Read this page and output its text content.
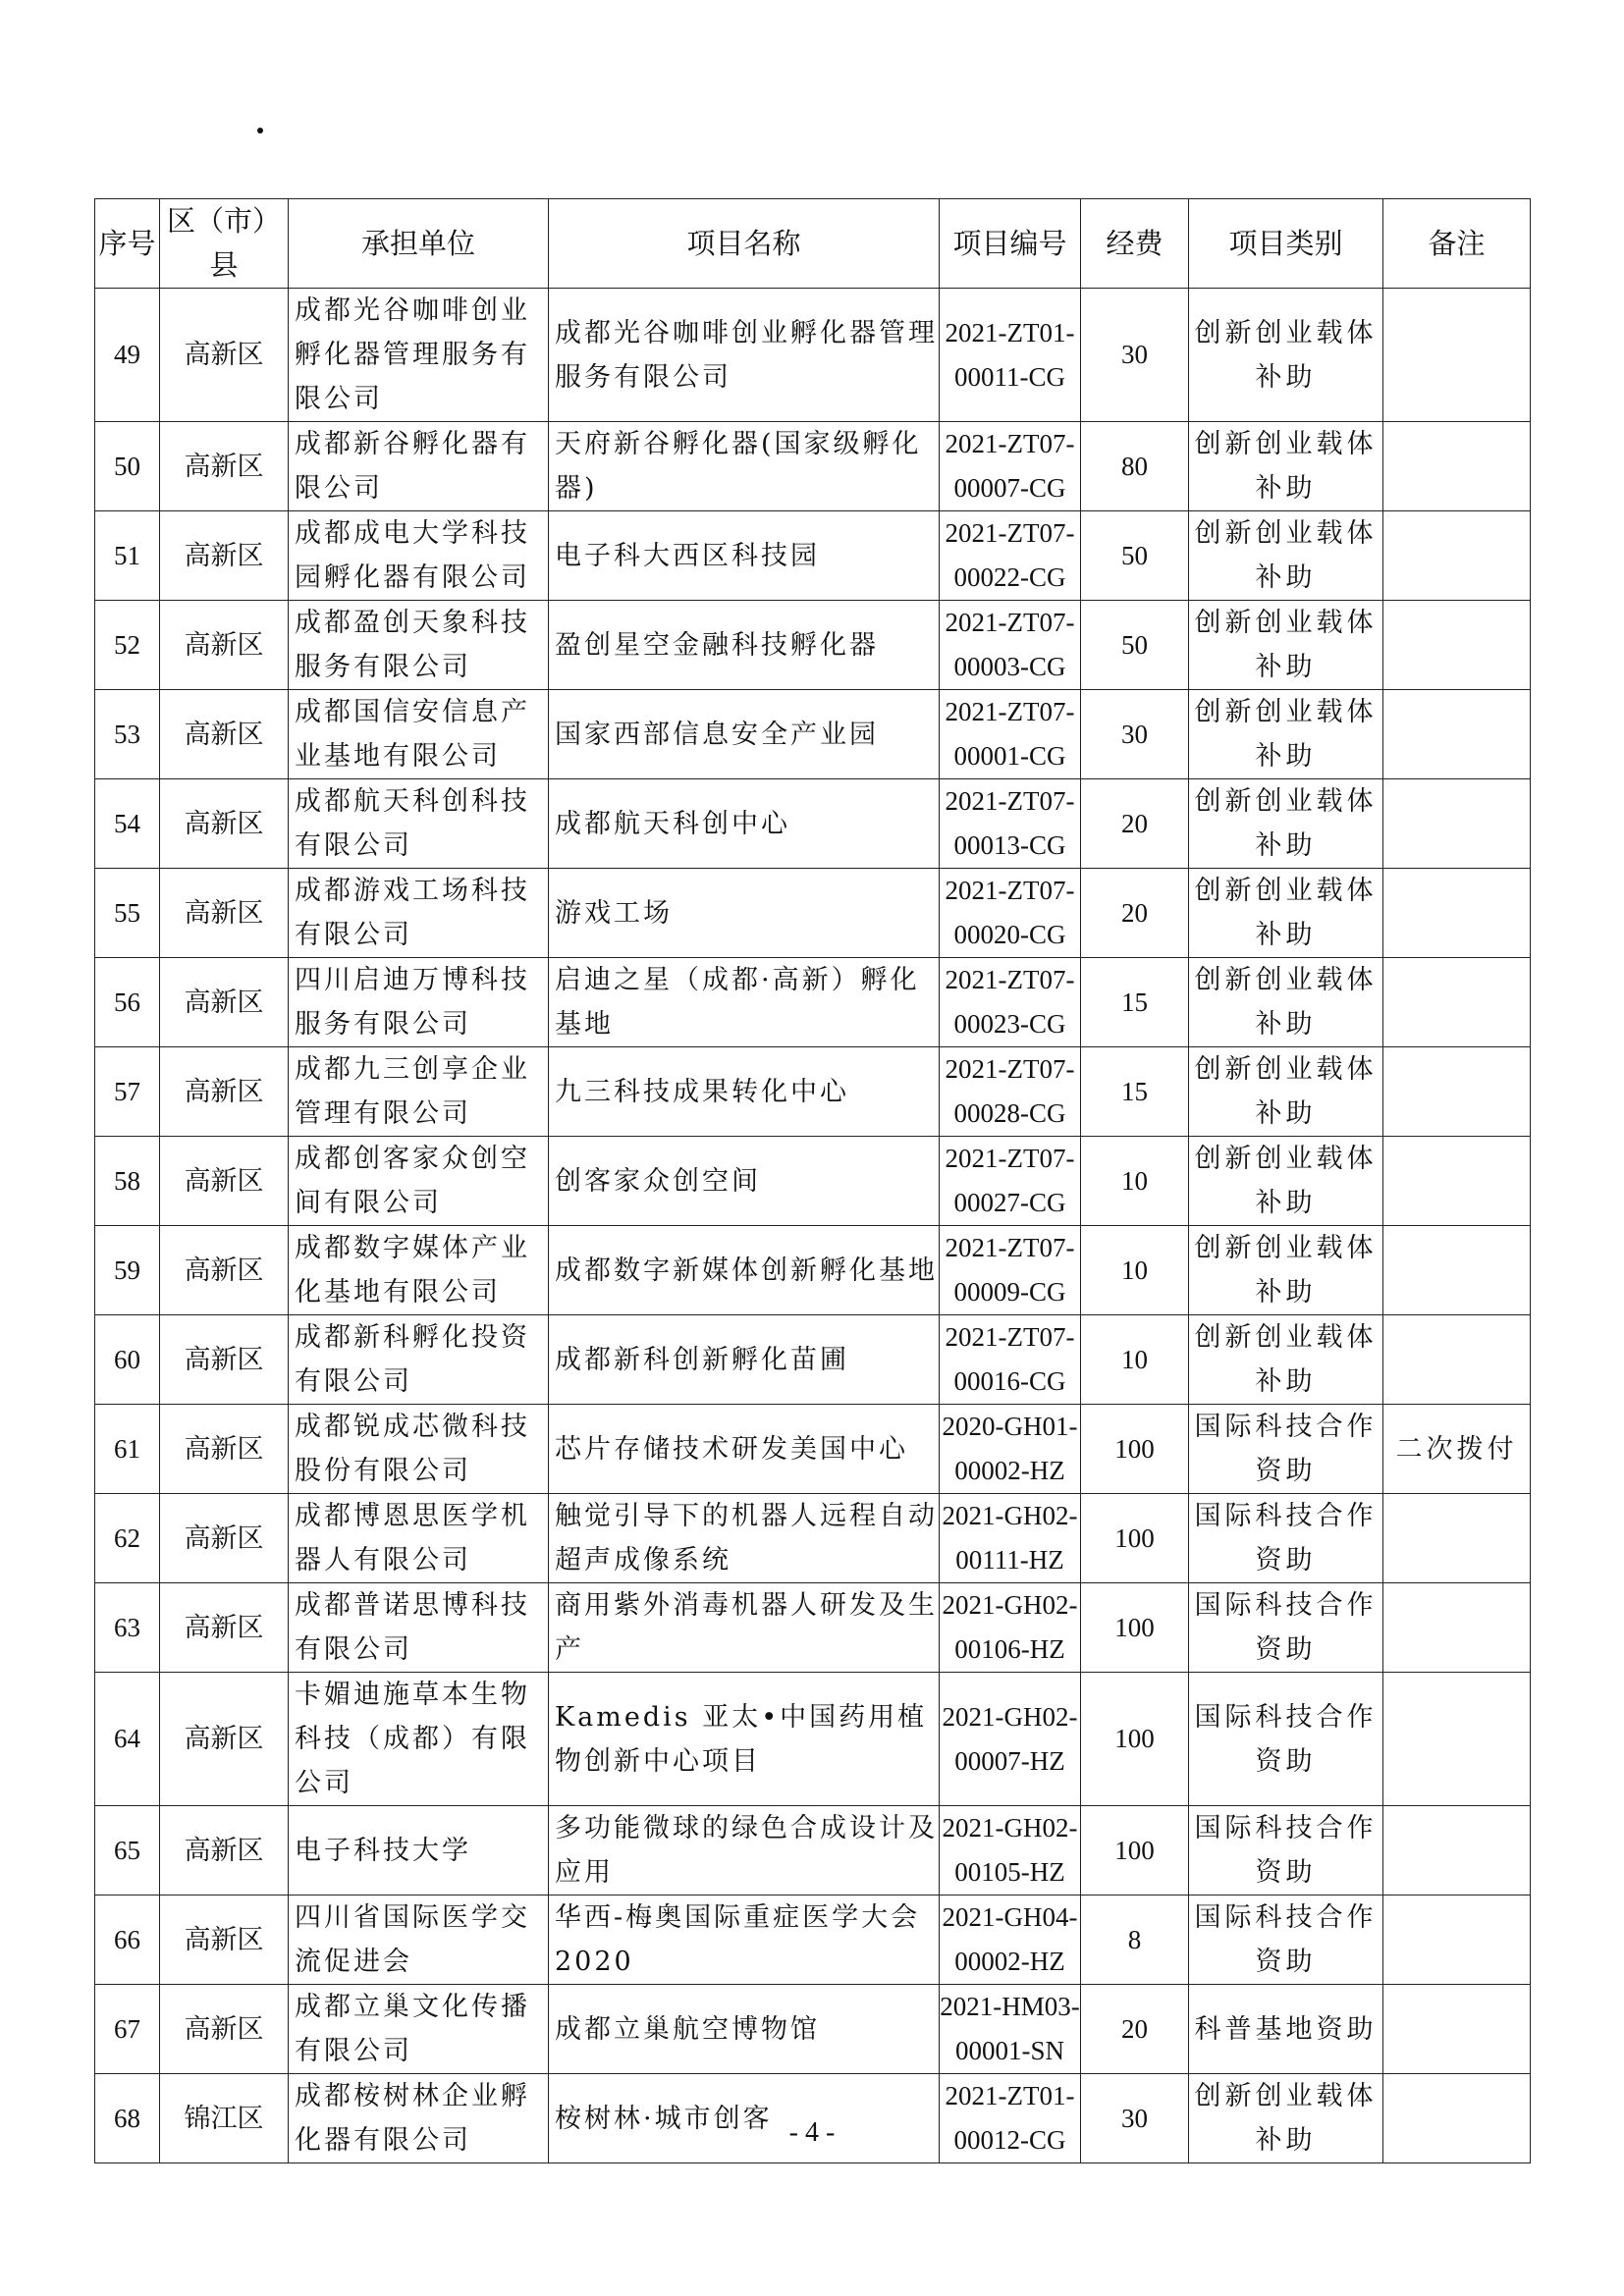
序号	区（市）县	承担单位	项目名称	项目编号	经费	项目类别	备注
49	高新区	成都光谷咖啡创业孵化器管理服务有限公司	成都光谷咖啡创业孵化器管理服务有限公司	2021-ZT01-00011-CG	30	创新创业载体补助	
50	高新区	成都新谷孵化器有限公司	天府新谷孵化器(国家级孵化器)	2021-ZT07-00007-CG	80	创新创业载体补助	
51	高新区	成都成电大学科技园孵化器有限公司	电子科大西区科技园	2021-ZT07-00022-CG	50	创新创业载体补助	
52	高新区	成都盈创天象科技服务有限公司	盈创星空金融科技孵化器	2021-ZT07-00003-CG	50	创新创业载体补助	
53	高新区	成都国信安信息产业基地有限公司	国家西部信息安全产业园	2021-ZT07-00001-CG	30	创新创业载体补助	
54	高新区	成都航天科创科技有限公司	成都航天科创中心	2021-ZT07-00013-CG	20	创新创业载体补助	
55	高新区	成都游戏工场科技有限公司	游戏工场	2021-ZT07-00020-CG	20	创新创业载体补助	
56	高新区	四川启迪万博科技服务有限公司	启迪之星（成都·高新）孵化基地	2021-ZT07-00023-CG	15	创新创业载体补助	
57	高新区	成都九三创享企业管理有限公司	九三科技成果转化中心	2021-ZT07-00028-CG	15	创新创业载体补助	
58	高新区	成都创客家众创空间有限公司	创客家众创空间	2021-ZT07-00027-CG	10	创新创业载体补助	
59	高新区	成都数字媒体产业化基地有限公司	成都数字新媒体创新孵化基地	2021-ZT07-00009-CG	10	创新创业载体补助	
60	高新区	成都新科孵化投资有限公司	成都新科创新孵化苗圃	2021-ZT07-00016-CG	10	创新创业载体补助	
61	高新区	成都锐成芯微科技股份有限公司	芯片存储技术研发美国中心	2020-GH01-00002-HZ	100	国际科技合作资助	二次拨付
62	高新区	成都博恩思医学机器人有限公司	触觉引导下的机器人远程自动超声成像系统	2021-GH02-00111-HZ	100	国际科技合作资助	
63	高新区	成都普诺思博科技有限公司	商用紫外消毒机器人研发及生产	2021-GH02-00106-HZ	100	国际科技合作资助	
64	高新区	卡媚迪施草本生物科技（成都）有限公司	Kamedis 亚太•中国药用植物创新中心项目	2021-GH02-00007-HZ	100	国际科技合作资助	
65	高新区	电子科技大学	多功能微球的绿色合成设计及应用	2021-GH02-00105-HZ	100	国际科技合作资助	
66	高新区	四川省国际医学交流促进会	华西-梅奥国际重症医学大会2020	2021-GH04-00002-HZ	8	国际科技合作资助	
67	高新区	成都立巢文化传播有限公司	成都立巢航空博物馆	2021-HM03-00001-SN	20	科普基地资助	
68	锦江区	成都桉树林企业孵化器有限公司	桉树林·城市创客	2021-ZT01-00012-CG	30	创新创业载体补助	
- 4 -
